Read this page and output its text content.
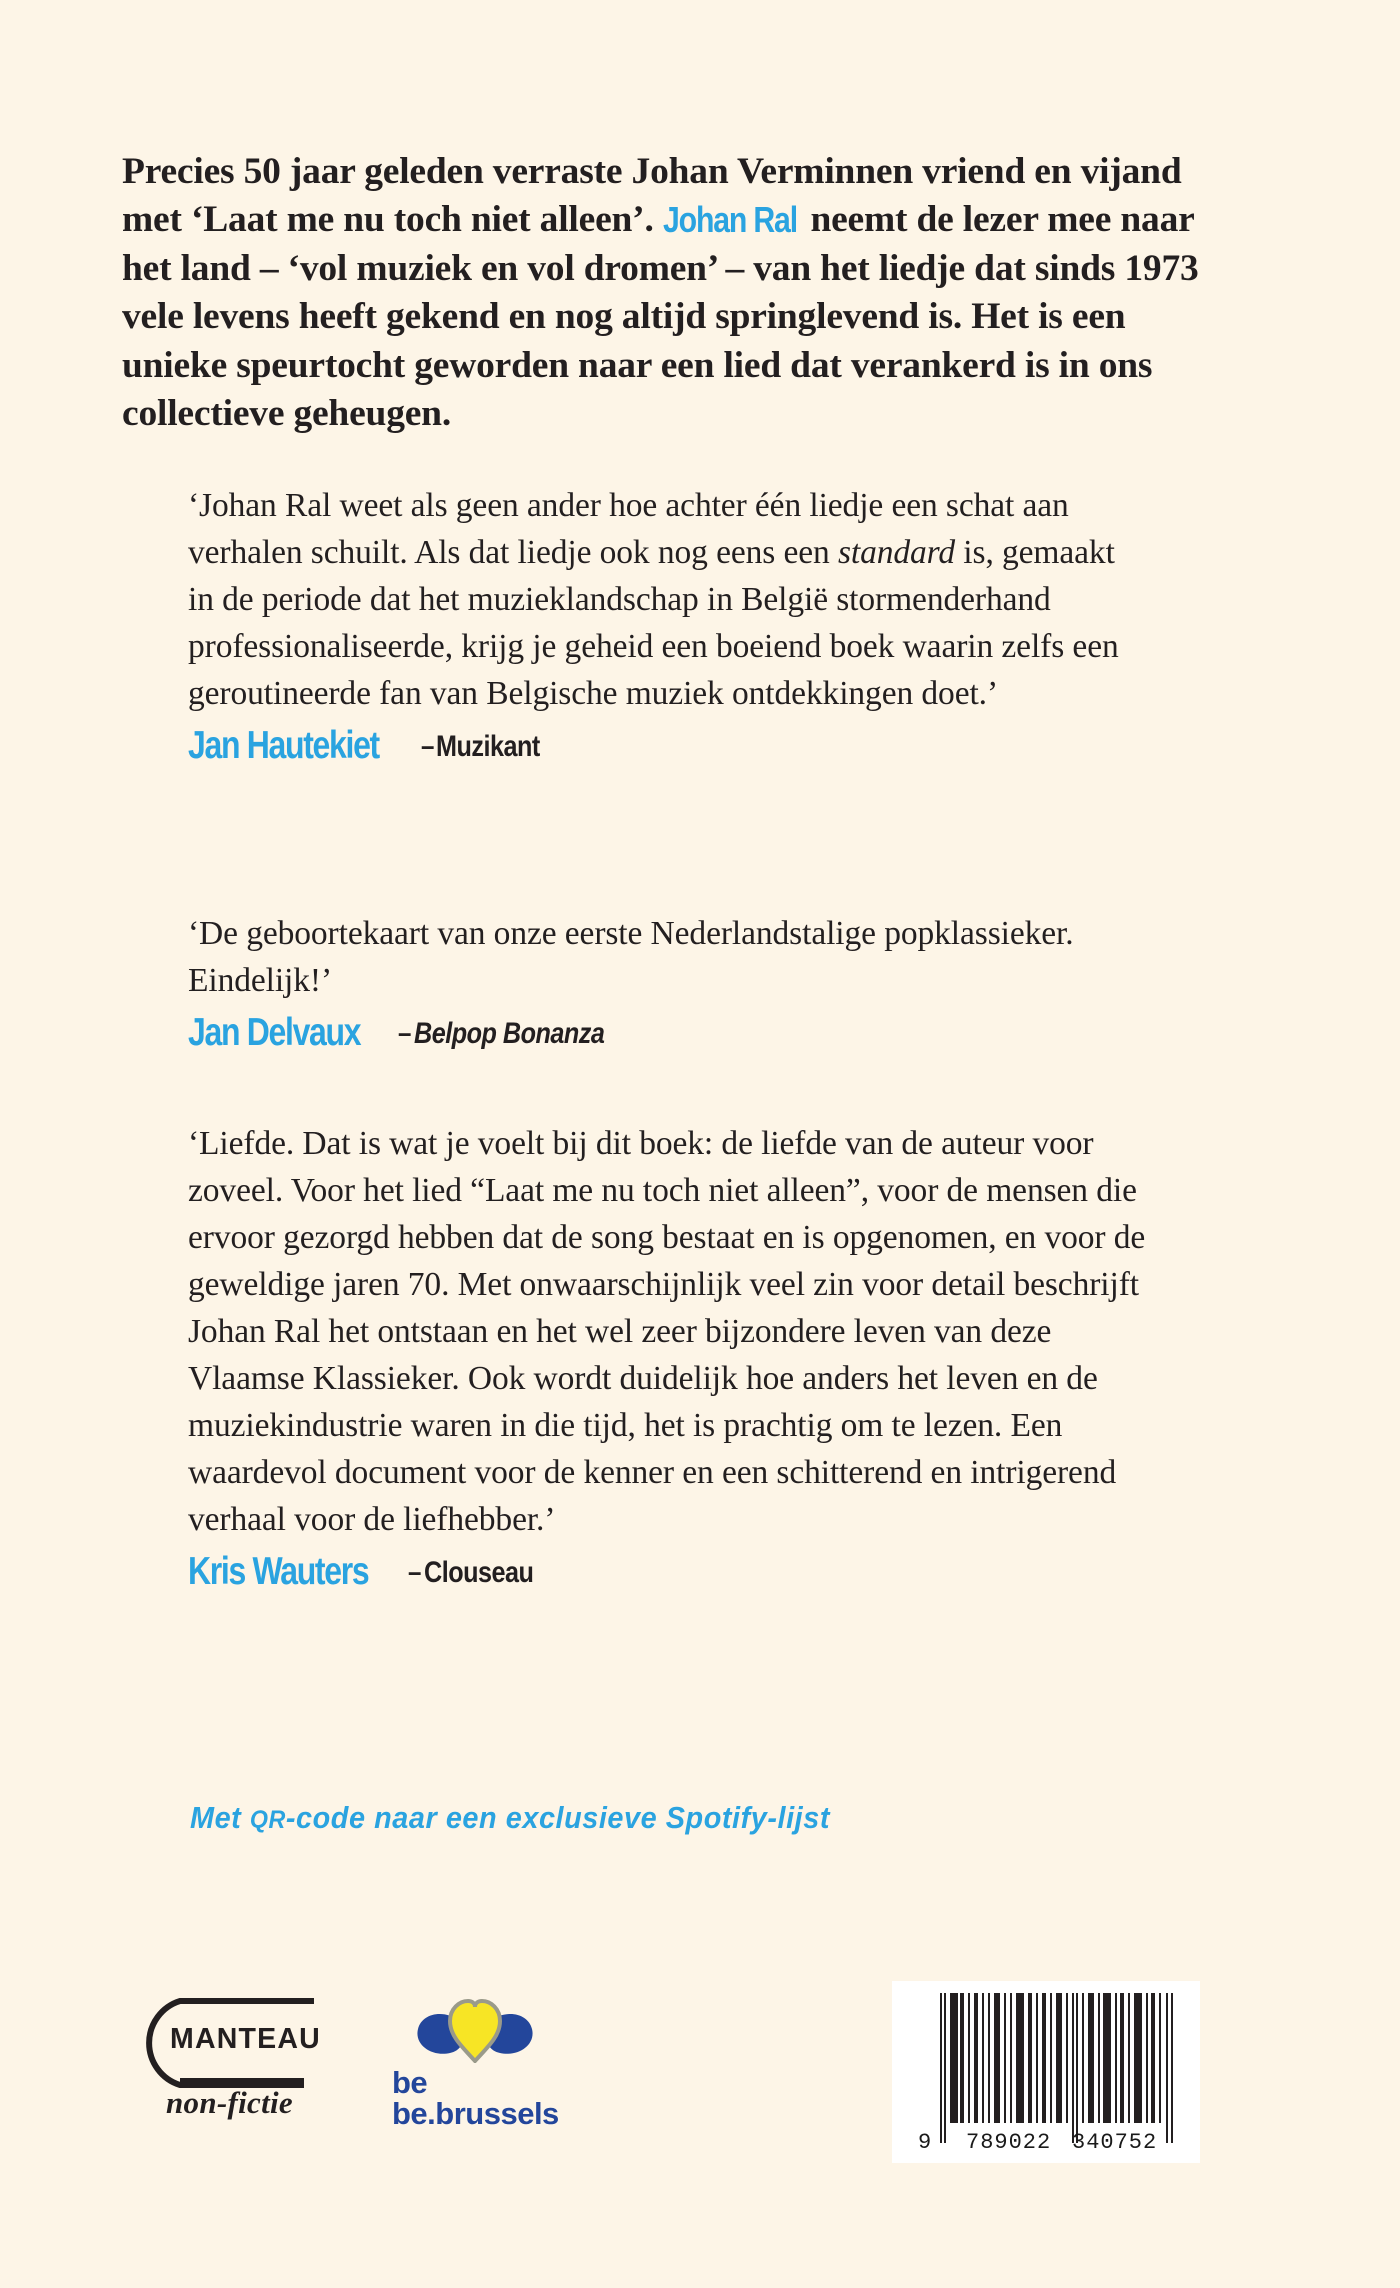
Precies 50 jaar geleden verraste Johan Verminnen vriend en vijand met ‘Laat me nu toch niet alleen’. Johan Ral neemt de lezer mee naar het land – ‘vol muziek en vol dromen’ – van het liedje dat sinds 1973 vele levens heeft gekend en nog altijd springlevend is. Het is een unieke speurtocht geworden naar een lied dat verankerd is in ons collectieve geheugen.

‘Johan Ral weet als geen ander hoe achter één liedje een schat aan verhalen schuilt. Als dat liedje ook nog eens een standard is, gemaakt in de periode dat het muzieklandschap in België stormenderhand professionaliseerde, krijg je geheid een boeiend boek waarin zelfs een geroutineerde fan van Belgische muziek ontdekkingen doet.’
Jan Hautekiet –Muzikant
‘De geboortekaart van onze eerste Nederlandstalige popklassieker. Eindelijk!’
Jan Delvaux –Belpop Bonanza
‘Liefde. Dat is wat je voelt bij dit boek: de liefde van de auteur voor zoveel. Voor het lied “Laat me nu toch niet alleen”, voor de mensen die ervoor gezorgd hebben dat de song bestaat en is opgenomen, en voor de geweldige jaren 70. Met onwaarschijnlijk veel zin voor detail beschrijft Johan Ral het ontstaan en het wel zeer bijzondere leven van deze Vlaamse Klassieker. Ook wordt duidelijk hoe anders het leven en de muziekindustrie waren in die tijd, het is prachtig om te lezen. Een waardevol document voor de kenner en een schitterend en intrigerend verhaal voor de liefhebber.’
Kris Wauters –Clouseau
Met QR-code naar een exclusieve Spotify-lijst
MANTEAU
non-fictie
be
be.brussels
9 789022 340752
